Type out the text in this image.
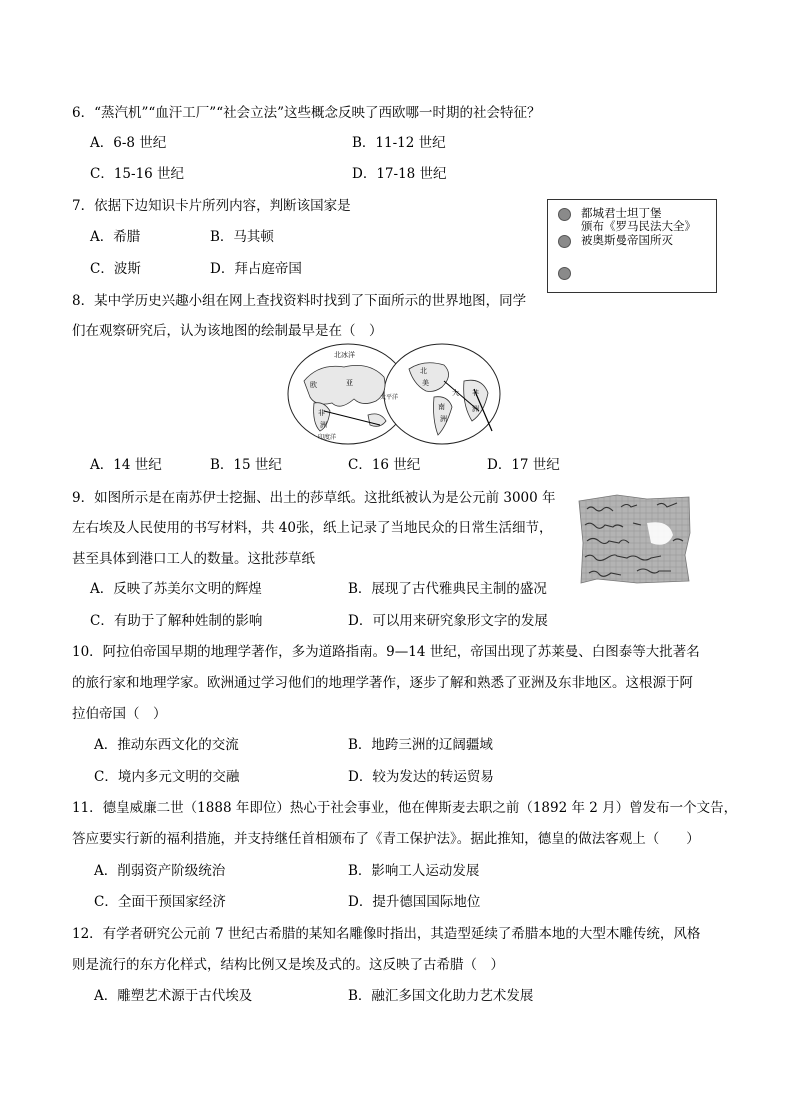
6．“蒸汽机”“血汗工厂”“社会立法”这些概念反映了西欧哪一时期的社会特征？
A．6-8 世纪	B．11-12 世纪
C．15-16 世纪	D．17-18 世纪
7．依据下边知识卡片所列内容，判断该国家是
A．希腊	B．马其顿
C．波斯	D．拜占庭帝国
都城君士坦丁堡
颁布《罗马民法大全》
被奥斯曼帝国所灭
8．某中学历史兴趣小组在网上查找资料时找到了下面所示的世界地图，同学
们在观察研究后，认为该地图的绘制最早是在（　）
北冰洋
亚
欧
非
洲
印度洋
太平洋
北
美
大
南
洲
洲
非
A．14 世纪	B．15 世纪	C．16 世纪	D．17 世纪
9．如图所示是在南苏伊士挖掘、出土的莎草纸。这批纸被认为是公元前 3000 年
左右埃及人民使用的书写材料，共 40张，纸上记录了当地民众的日常生活细节，
甚至具体到港口工人的数量。这批莎草纸
A．反映了苏美尔文明的辉煌	B．展现了古代雅典民主制的盛况
C．有助于了解种姓制的影响	D．可以用来研究象形文字的发展
10．阿拉伯帝国早期的地理学著作，多为道路指南。9—14 世纪，帝国出现了苏莱曼、白图泰等大批著名
的旅行家和地理学家。欧洲通过学习他们的地理学著作，逐步了解和熟悉了亚洲及东非地区。这根源于阿
拉伯帝国（　）
A．推动东西文化的交流	B．地跨三洲的辽阔疆域
C．境内多元文明的交融	D．较为发达的转运贸易
11．德皇威廉二世（1888 年即位）热心于社会事业，他在俾斯麦去职之前（1892 年 2 月）曾发布一个文告，
答应要实行新的福利措施，并支持继任首相颁布了《青工保护法》。据此推知，德皇的做法客观上（　　）
A．削弱资产阶级统治	B．影响工人运动发展
C．全面干预国家经济	D．提升德国国际地位
12．有学者研究公元前 7 世纪古希腊的某知名雕像时指出，其造型延续了希腊本地的大型木雕传统，风格
则是流行的东方化样式，结构比例又是埃及式的。这反映了古希腊（　）
A．雕塑艺术源于古代埃及	B．融汇多国文化助力艺术发展
